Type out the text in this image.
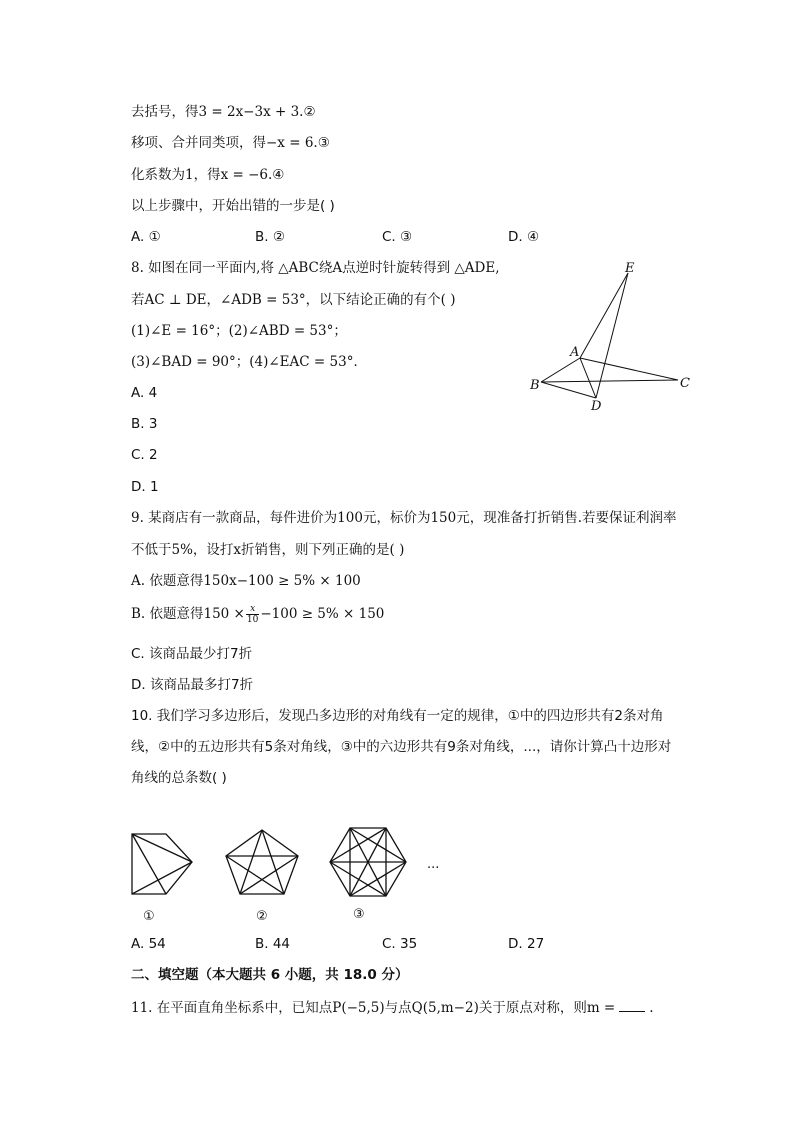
去括号，得3 = 2x−3x + 3.②
移项、合并同类项，得−x = 6.③
化系数为1，得x = −6.④
以上步骤中，开始出错的一步是( )
A. ①	B. ②	C. ③	D. ④
8. 如图在同一平面内,将 △ABC绕A点逆时针旋转得到 △ADE,
若AC ⊥ DE，∠ADB = 53°，以下结论正确的有个( )
(1)∠E = 16°；(2)∠ABD = 53°；
(3)∠BAD = 90°；(4)∠EAC = 53°．
A. 4
B. 3
C. 2
D. 1
E
A
B	C
D
9. 某商店有一款商品，每件进价为100元，标价为150元，现准备打折销售.若要保证利润率
不低于5%，设打x折销售，则下列正确的是( )
A. 依题意得150x−100 ≥ 5% × 100
B. 依题意得$150 \times \frac{x}{10} -100 \ge 5\% \times 150$
C. 该商品最少打7折
D. 该商品最多打7折
10. 我们学习多边形后，发现凸多边形的对角线有一定的规律，①中的四边形共有2条对角
线，②中的五边形共有5条对角线，③中的六边形共有9条对角线，...，请你计算凸十边形对
角线的总条数( )
①	②	③
···
A. 54	B. 44	C. 35	D. 27
二、填空题（本大题共 6 小题，共 18.0 分）
11. 在平面直角坐标系中，已知点P(−5,5)与点Q(5,m−2)关于原点对称，则m =	.
